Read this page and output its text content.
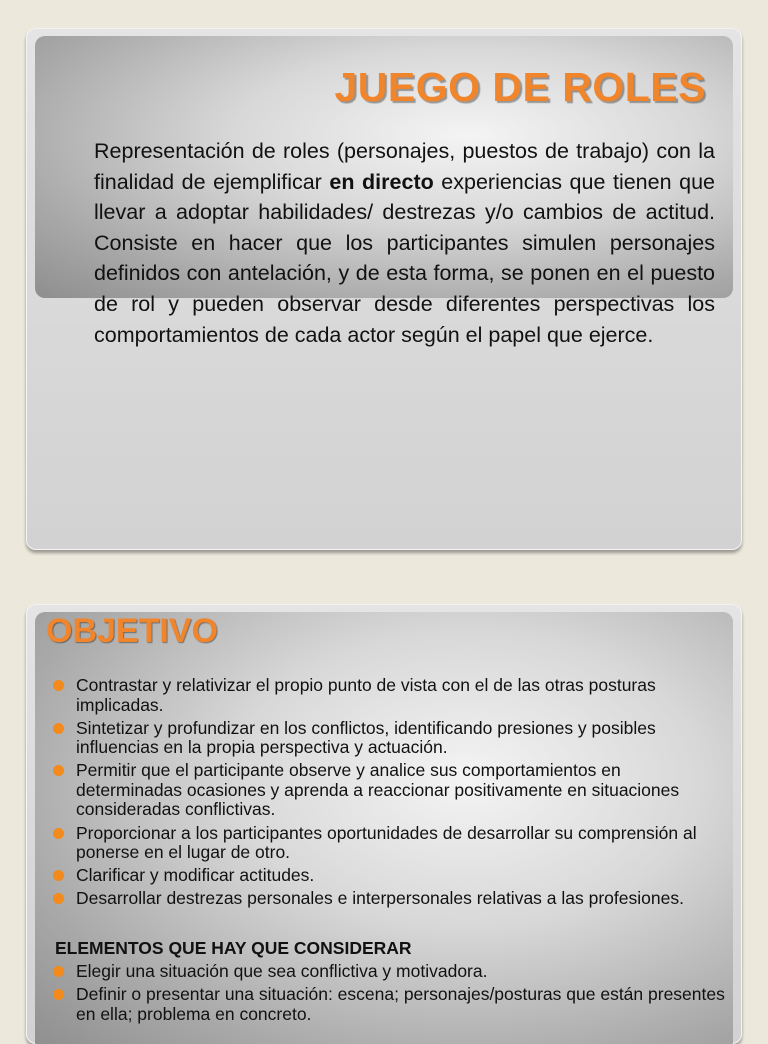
JUEGO DE ROLES

Representación de roles (personajes, puestos de trabajo) con la finalidad de ejemplificar en directo experiencias que tienen que llevar a adoptar habilidades/ destrezas y/o cambios de actitud. Consiste en hacer que los participantes simulen personajes definidos con antelación, y de esta forma, se ponen en el puesto de rol y pueden observar desde diferentes perspectivas los comportamientos de cada actor según el papel que ejerce.

OBJETIVO
Contrastar y relativizar el propio punto de vista con el de las otras posturas implicadas.
Sintetizar y profundizar en los conflictos, identificando presiones y posibles influencias en la propia perspectiva y actuación.
Permitir que el participante observe y analice sus comportamientos en determinadas ocasiones y aprenda a reaccionar positivamente en situaciones consideradas conflictivas.
Proporcionar a los participantes oportunidades de desarrollar su comprensión al ponerse en el lugar de otro.
Clarificar y modificar actitudes.
Desarrollar destrezas personales e interpersonales relativas a las profesiones.

ELEMENTOS QUE HAY QUE CONSIDERAR

Elegir una situación que sea conflictiva y motivadora.
Definir o presentar una situación: escena; personajes/posturas que están presentes en ella; problema en concreto.
